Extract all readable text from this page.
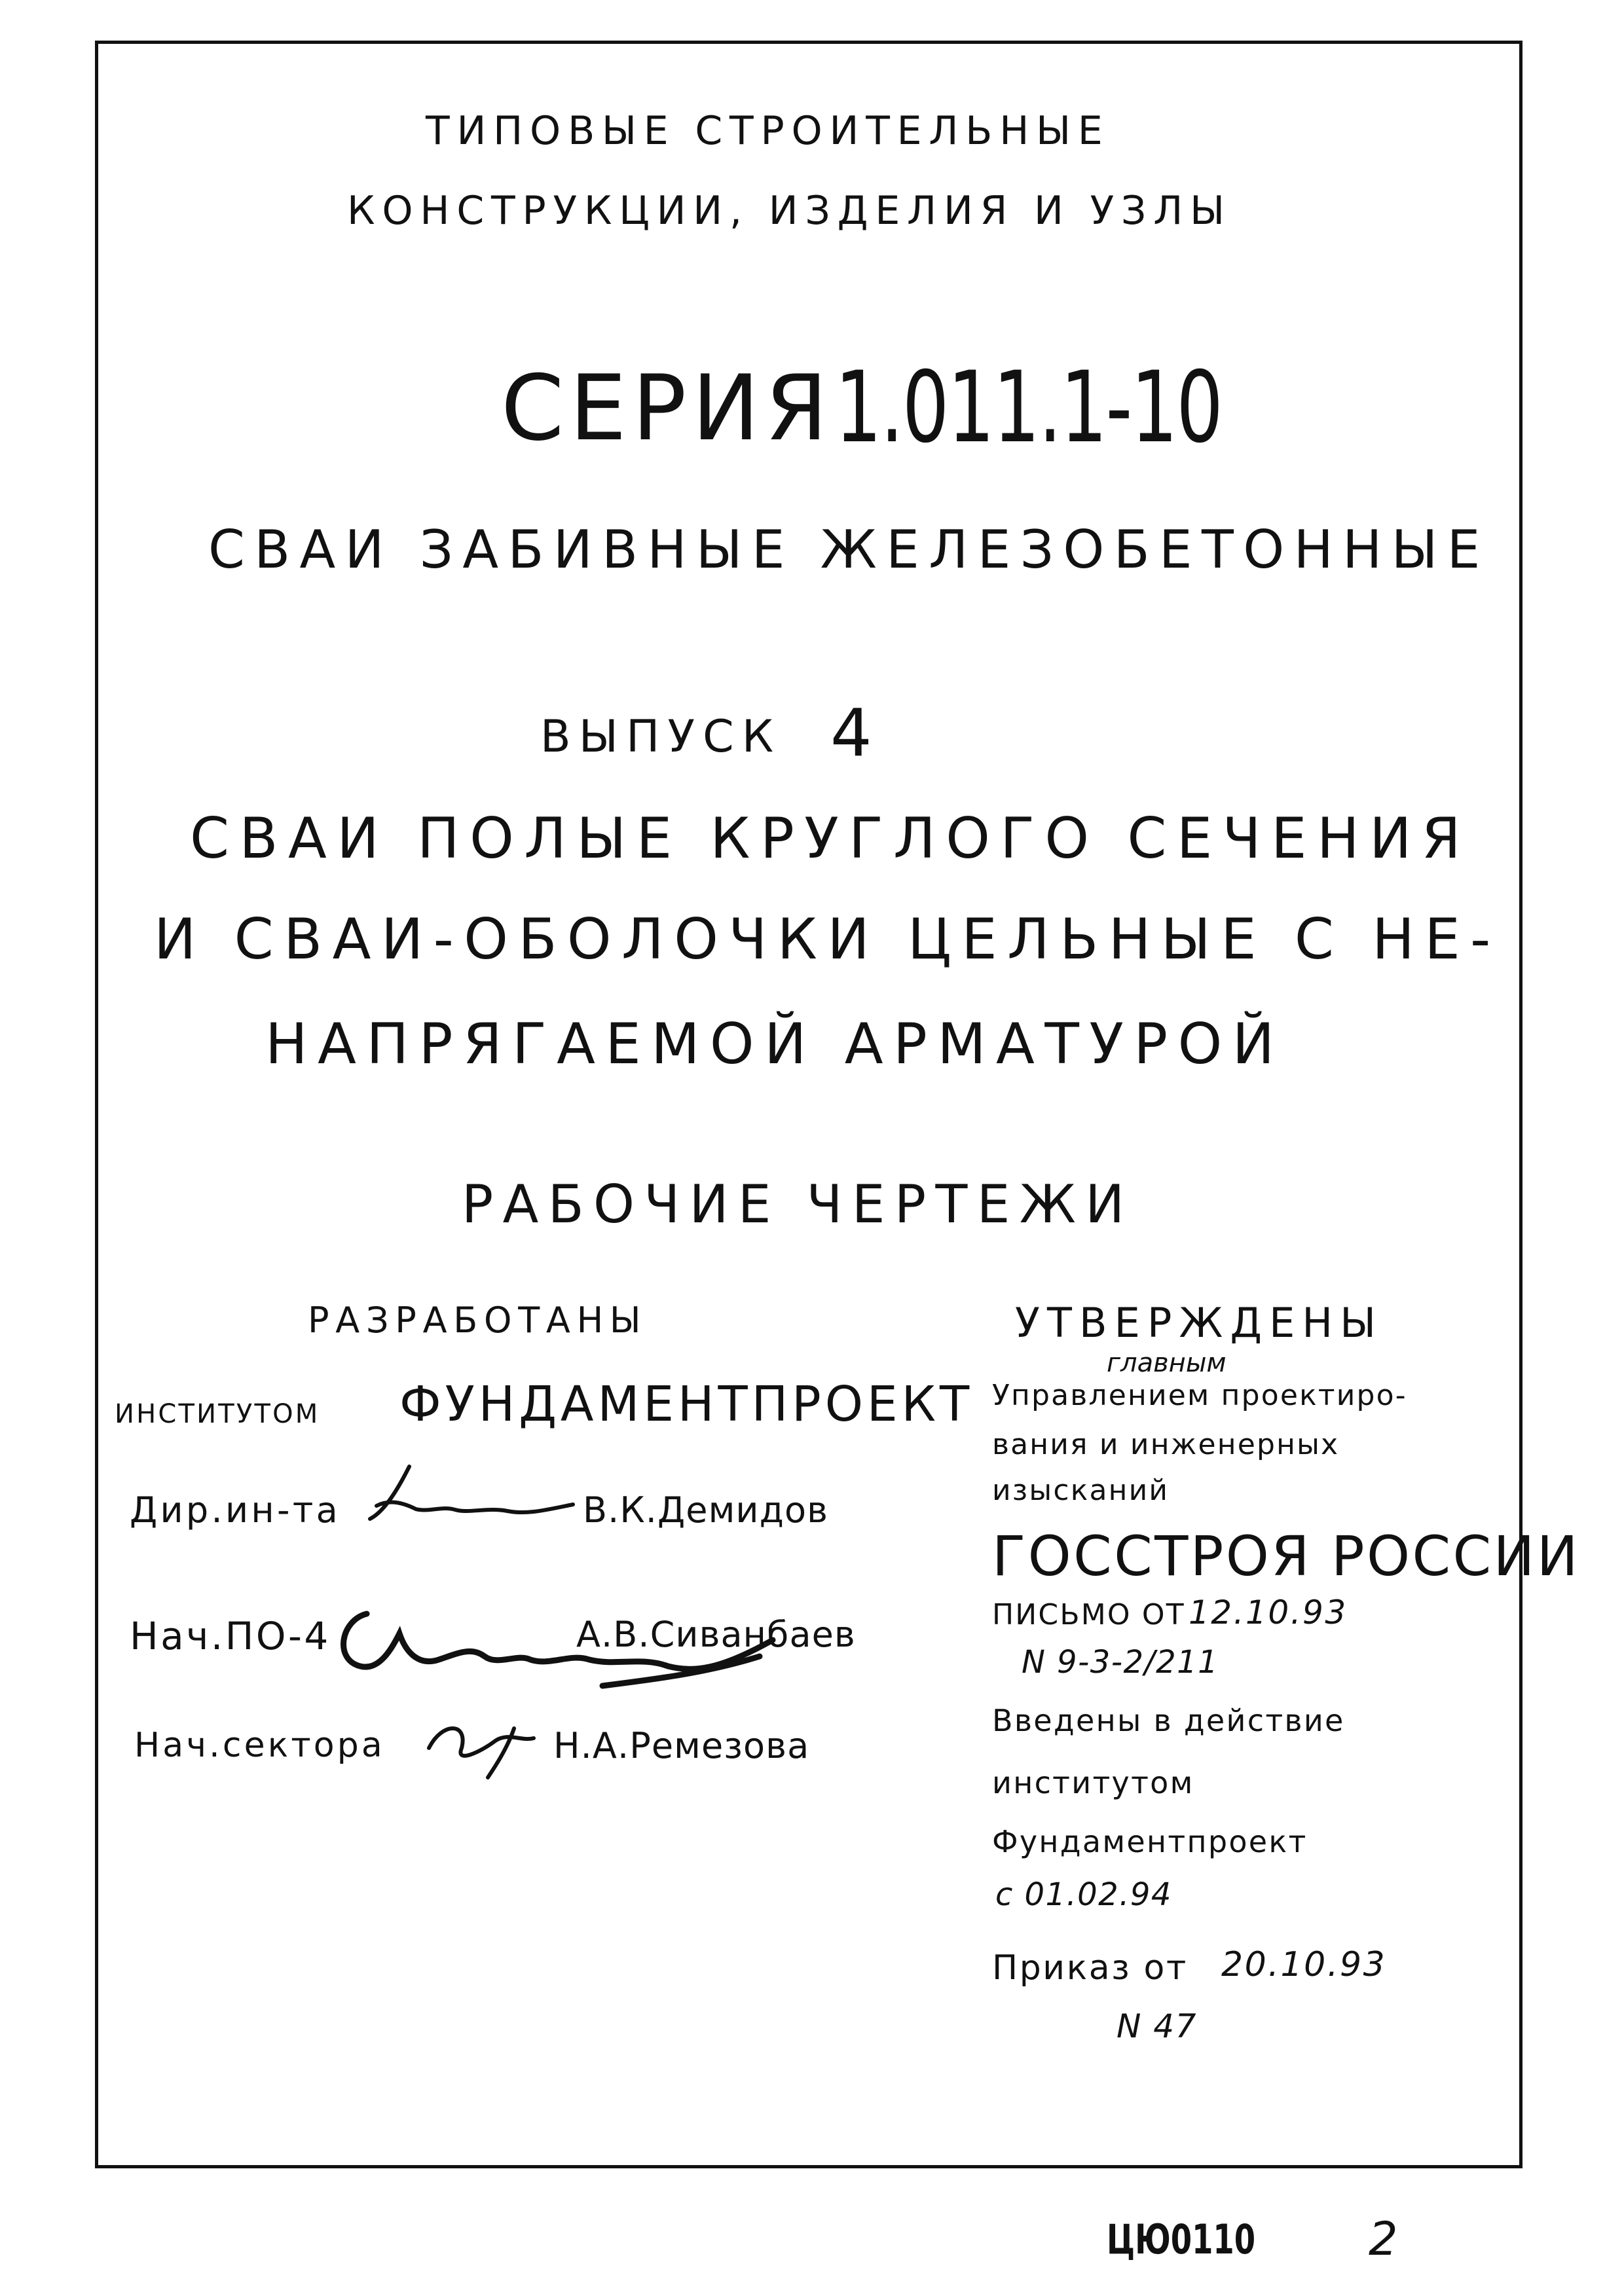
ТИПОВЫЕ СТРОИТЕЛЬНЫЕ
КОНСТРУКЦИИ, ИЗДЕЛИЯ И УЗЛЫ
СЕРИЯ 1.011.1-10
СВАИ ЗАБИВНЫЕ ЖЕЛЕЗОБЕТОННЫЕ
ВЫПУСК 4
СВАИ ПОЛЫЕ КРУГЛОГО СЕЧЕНИЯ
И СВАИ-ОБОЛОЧКИ ЦЕЛЬНЫЕ С НЕ-
НАПРЯГАЕМОЙ АРМАТУРОЙ
РАБОЧИЕ ЧЕРТЕЖИ
РАЗРАБОТАНЫ
ИНСТИТУТОМ ФУНДАМЕНТПРОЕКТ
Дир.ин-та	В.К.Демидов
Нач.ПО-4	А.В.Сиванбаев
Нач.сектора	Н.А.Ремезова
УТВЕРЖДЕНЫ
главным
Управлением проектиро-
вания и инженерных
изысканий
ГОССТРОЯ РОССИИ
ПИСЬМО ОТ 12.10.93
N 9-3-2/211
Введены в действие
институтом
Фундаментпроект
с 01.02.94
Приказ от 20.10.93
N 47
ЦЮ0110 2
